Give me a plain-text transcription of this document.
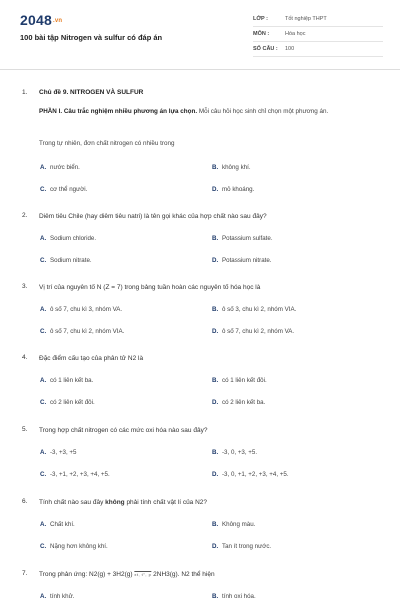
$2048^{.vn}$
100 bài tập Nitrogen và sulfur có đáp án
LỚP :	Tốt nghiệp THPT
MÔN :	Hóa học
SỐ CÂU :	100
1. Chủ đề 9. NITROGEN VÀ SULFUR
PHẦN I. Câu trắc nghiệm nhiều phương án lựa chọn. Mỗi câu hỏi học sinh chỉ chọn một phương án.
Trong tự nhiên, đơn chất nitrogen có nhiều trong
A. nước biển.	B. không khí.
C. cơ thể người.	D. mỏ khoáng.
2. Diêm tiêu Chile (hay diêm tiêu natri) là tên gọi khác của hợp chất nào sau đây?
A. Sodium chloride.	B. Potassium sulfate.
C. Sodium nitrate.	D. Potassium nitrate.
3. Vị trí của nguyên tố N (Z = 7) trong bảng tuần hoàn các nguyên tố hóa học là
A. ô số 7, chu kì 3, nhóm VA.	B. ô số 3, chu kì 2, nhóm VIA.
C. ô số 7, chu kì 2, nhóm VIA.	D. ô số 7, chu kì 2, nhóm VA.
4. Đặc điểm cấu tạo của phân tử N2 là
A. có 1 liên kết ba.	B. có 1 liên kết đôi.
C. có 2 liên kết đôi.	D. có 2 liên kết ba.
5. Trong hợp chất nitrogen có các mức oxi hóa nào sau đây?
A. -3, +3, +5	B. -3, 0, +3, +5.
C. -3, +1, +2, +3, +4, +5.	D. -3, 0, +1, +2, +3, +4, +5.
6. Tính chất nào sau đây không phải tính chất vật lí của N2?
A. Chất khí.	B. Không màu.
C. Nặng hơn không khí.	D. Tan ít trong nước.
7. Trong phản ứng: N2(g) + 3H2(g) xt, t°, p 2NH3(g). N2 thể hiện
A. tính khử.	B. tính oxi hóa.
